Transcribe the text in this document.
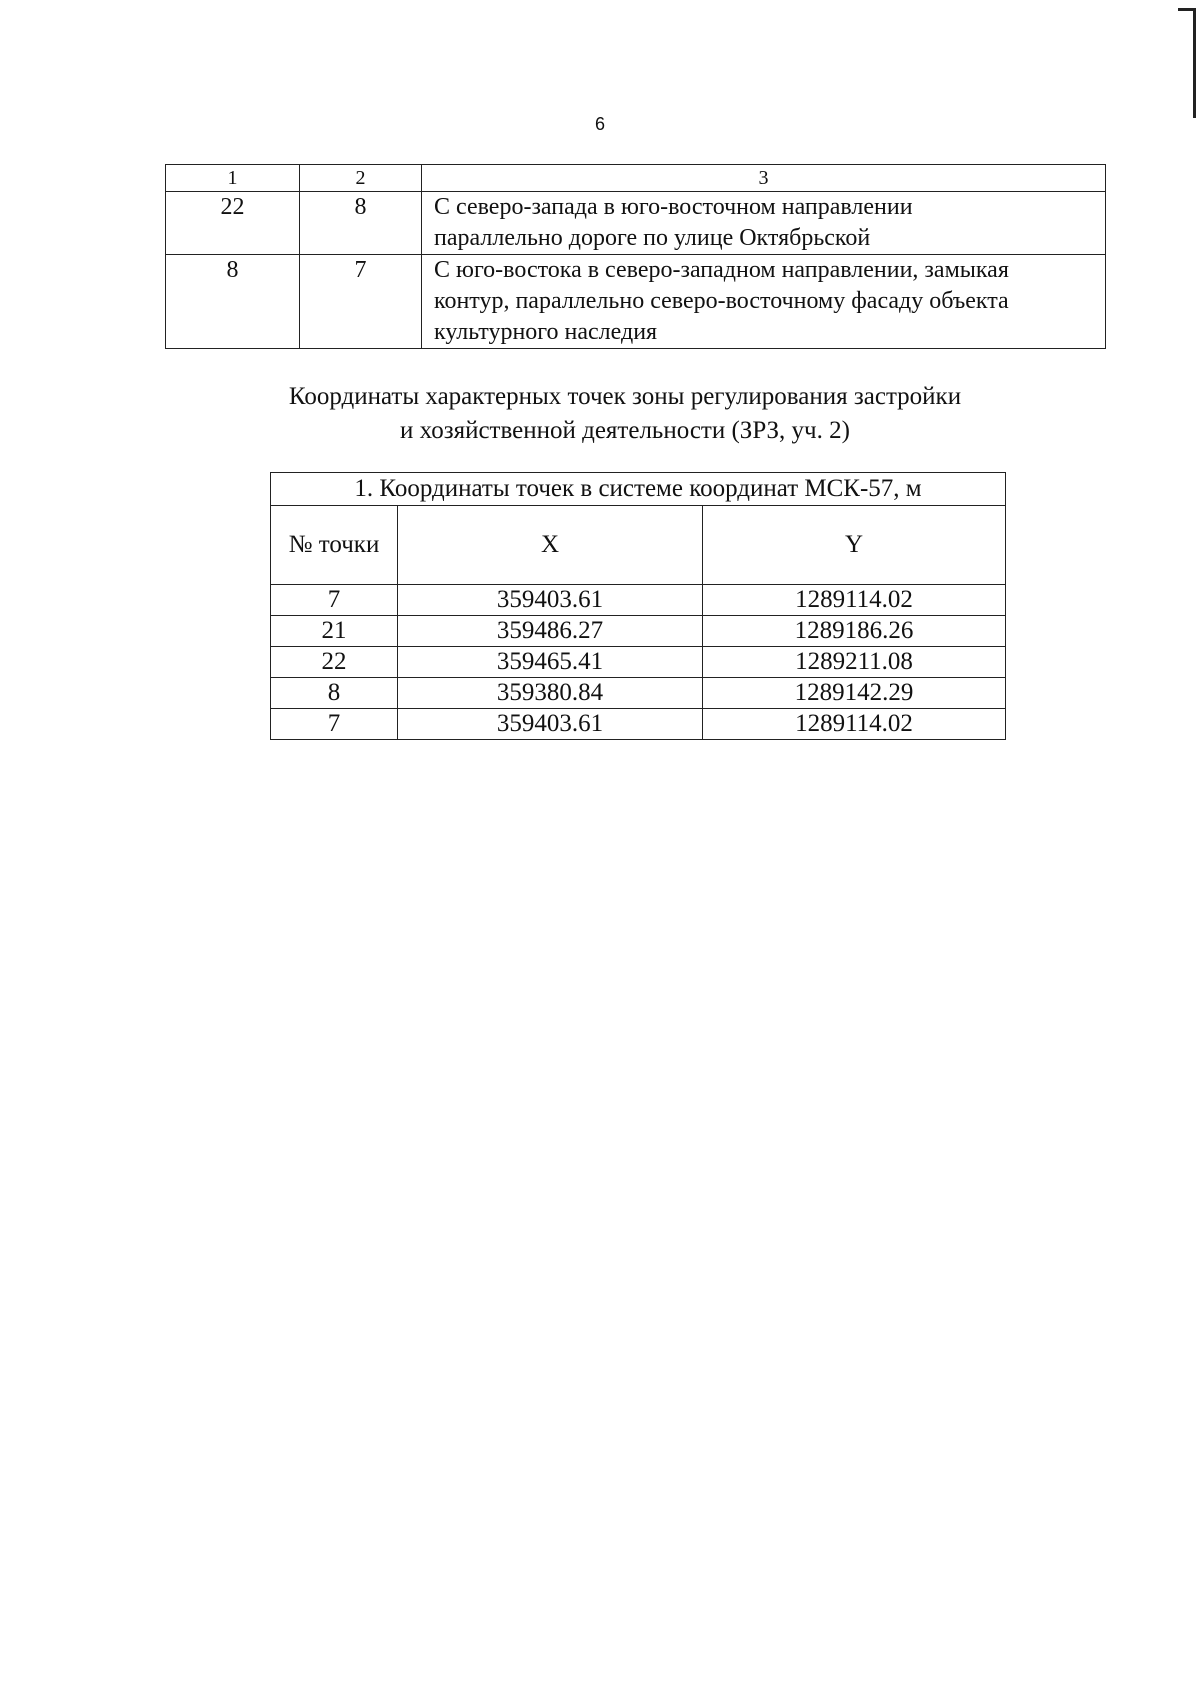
6
1	2	3
22	8	С северо-запада в юго-восточном направлении
параллельно дороге по улице Октябрьской

8	7	С юго-востока в северо-западном направлении, замыкая
контур, параллельно северо-восточному фасаду объекта
культурного наследия
Координаты характерных точек зоны регулирования застройки
и хозяйственной деятельности (ЗРЗ, уч. 2)
1. Координаты точек в системе координат МСК-57, м		
№ точки	X	Y
7	359403.61	1289114.02
21	359486.27	1289186.26
22	359465.41	1289211.08
8	359380.84	1289142.29
7	359403.61	1289114.02
